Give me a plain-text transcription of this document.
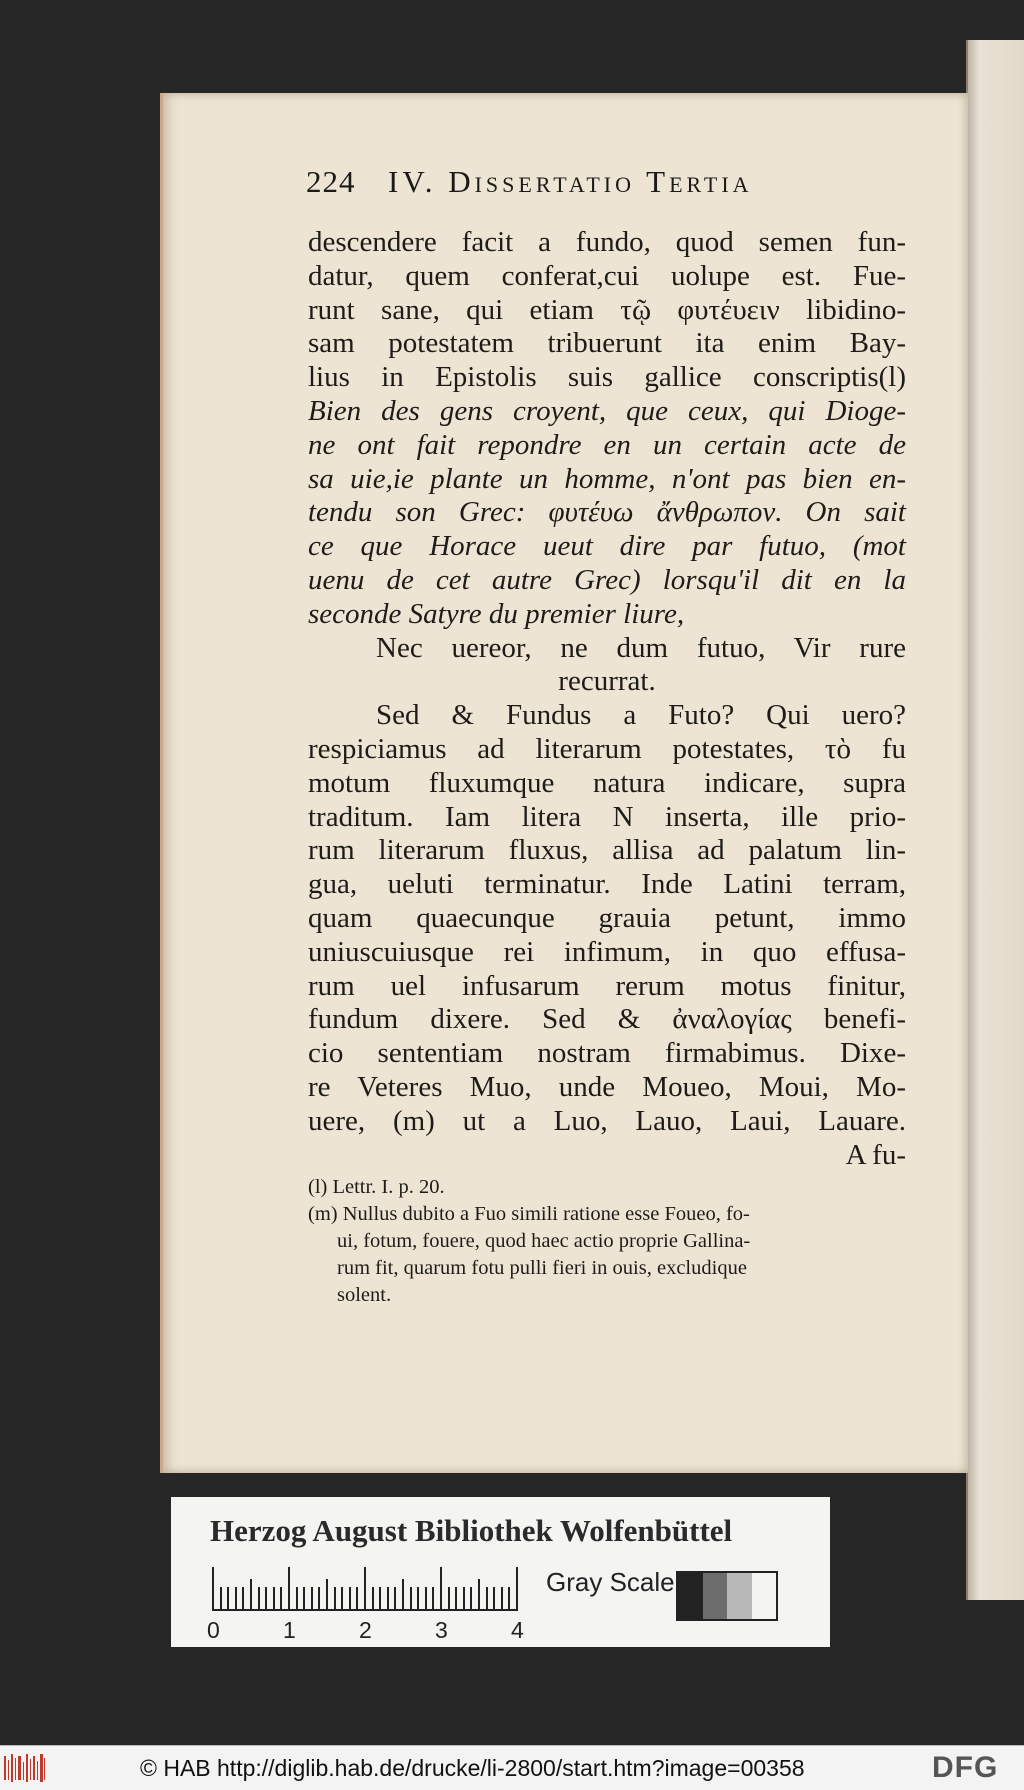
224 IV. Dissertatio Tertia
descendere facit a fundo, quod semen fun-
datur, quem conferat,cui uolupe est. Fue-
runt sane, qui etiam τῷ φυτέυειν libidino-
sam potestatem tribuerunt ita enim Bay-
lius in Epistolis suis gallice conscriptis(l)
Bien des gens croyent, que ceux, qui Dioge-
ne ont fait repondre en un certain acte de
sa uie,ie plante un homme, n'ont pas bien en-
tendu son Grec: φυτέυω ἄνθρωπον. On sait
ce que Horace ueut dire par futuo, (mot
uenu de cet autre Grec) lorsqu'il dit en la
seconde Satyre du premier liure,
Nec uereor, ne dum futuo, Vir rure
recurrat.
Sed & Fundus a Futo? Qui uero?
respiciamus ad literarum potestates, τὸ fu
motum fluxumque natura indicare, supra
traditum. Iam litera N inserta, ille prio-
rum literarum fluxus, allisa ad palatum lin-
gua, ueluti terminatur. Inde Latini terram,
quam quaecunque grauia petunt, immo
uniuscuiusque rei infimum, in quo effusa-
rum uel infusarum rerum motus finitur,
fundum dixere. Sed & ἀναλογίας benefi-
cio sententiam nostram firmabimus. Dixe-
re Veteres Muo, unde Moueo, Moui, Mo-
uere, (m) ut a Luo, Lauo, Laui, Lauare.
A fu-
(l) Lettr. I. p. 20.
(m) Nullus dubito a Fuo simili ratione esse Foueo, fo-
ui, fotum, fouere, quod haec actio proprie Gallina-
rum fit, quarum fotu pulli fieri in ouis, excludique
solent.
Herzog August Bibliothek Wolfenbüttel
0	1	2	3	4
Gray Scale
© HAB http://diglib.hab.de/drucke/li-2800/start.htm?image=00358	DFG
